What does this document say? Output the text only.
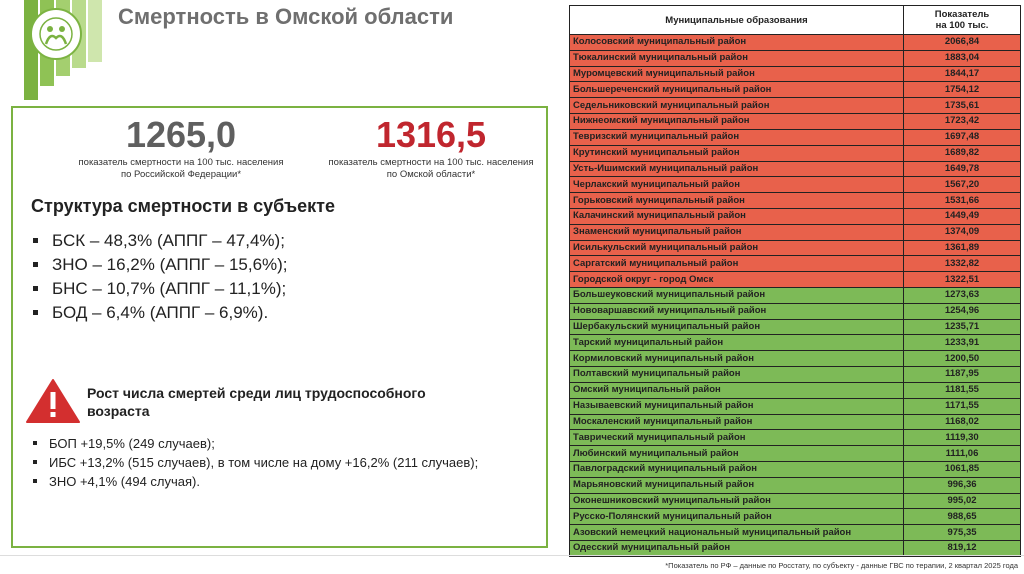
Смертность в Омской области
1265,0
показатель смертности на 100 тыс. населения
по Российской Федерации*
1316,5
показатель смертности на 100 тыс. населения
по Омской области*
Структура смертности в субъекте
БСК – 48,3% (АППГ – 47,4%);
ЗНО – 16,2% (АППГ – 15,6%);
БНС – 10,7% (АППГ – 11,1%);
БОД – 6,4% (АППГ – 6,9%).
Рост числа смертей среди лиц трудоспособного
возраста
БОП +19,5% (249 случаев);
ИБС +13,2% (515 случаев), в том числе на дому +16,2% (211 случаев);
ЗНО +4,1% (494 случая).
Муниципальные образования	Показатель
на 100 тыс.

Колосовский муниципальный район	2066,84
Тюкалинский муниципальный район	1883,04
Муромцевский муниципальный район	1844,17
Большереченский муниципальный район	1754,12
Седельниковский муниципальный район	1735,61
Нижнеомский муниципальный район	1723,42
Тевризский муниципальный район	1697,48
Крутинский муниципальный район	1689,82
Усть-Ишимский муниципальный район	1649,78
Черлакский муниципальный район	1567,20
Горьковский муниципальный район	1531,66
Калачинский муниципальный район	1449,49
Знаменский муниципальный район	1374,09
Исилькульский муниципальный район	1361,89
Саргатский муниципальный район	1332,82
Городской округ - город Омск	1322,51
Большеуковский муниципальный район	1273,63
Нововаршавский муниципальный район	1254,96
Шербакульский муниципальный район	1235,71
Тарский муниципальный район	1233,91
Кормиловский муниципальный район	1200,50
Полтавский муниципальный район	1187,95
Омский муниципальный район	1181,55
Называевский муниципальный район	1171,55
Москаленский муниципальный район	1168,02
Таврический муниципальный район	1119,30
Любинский муниципальный район	1111,06
Павлоградский муниципальный район	1061,85
Марьяновский муниципальный район	996,36
Оконешниковский муниципальный район	995,02
Русско-Полянский муниципальный район	988,65
Азовский немецкий национальный муниципальный район	975,35
Одесский муниципальный район	819,12
*Показатель по РФ – данные по Росстату, по субъекту - данные ГВС по терапии, 2 квартал 2025 года
